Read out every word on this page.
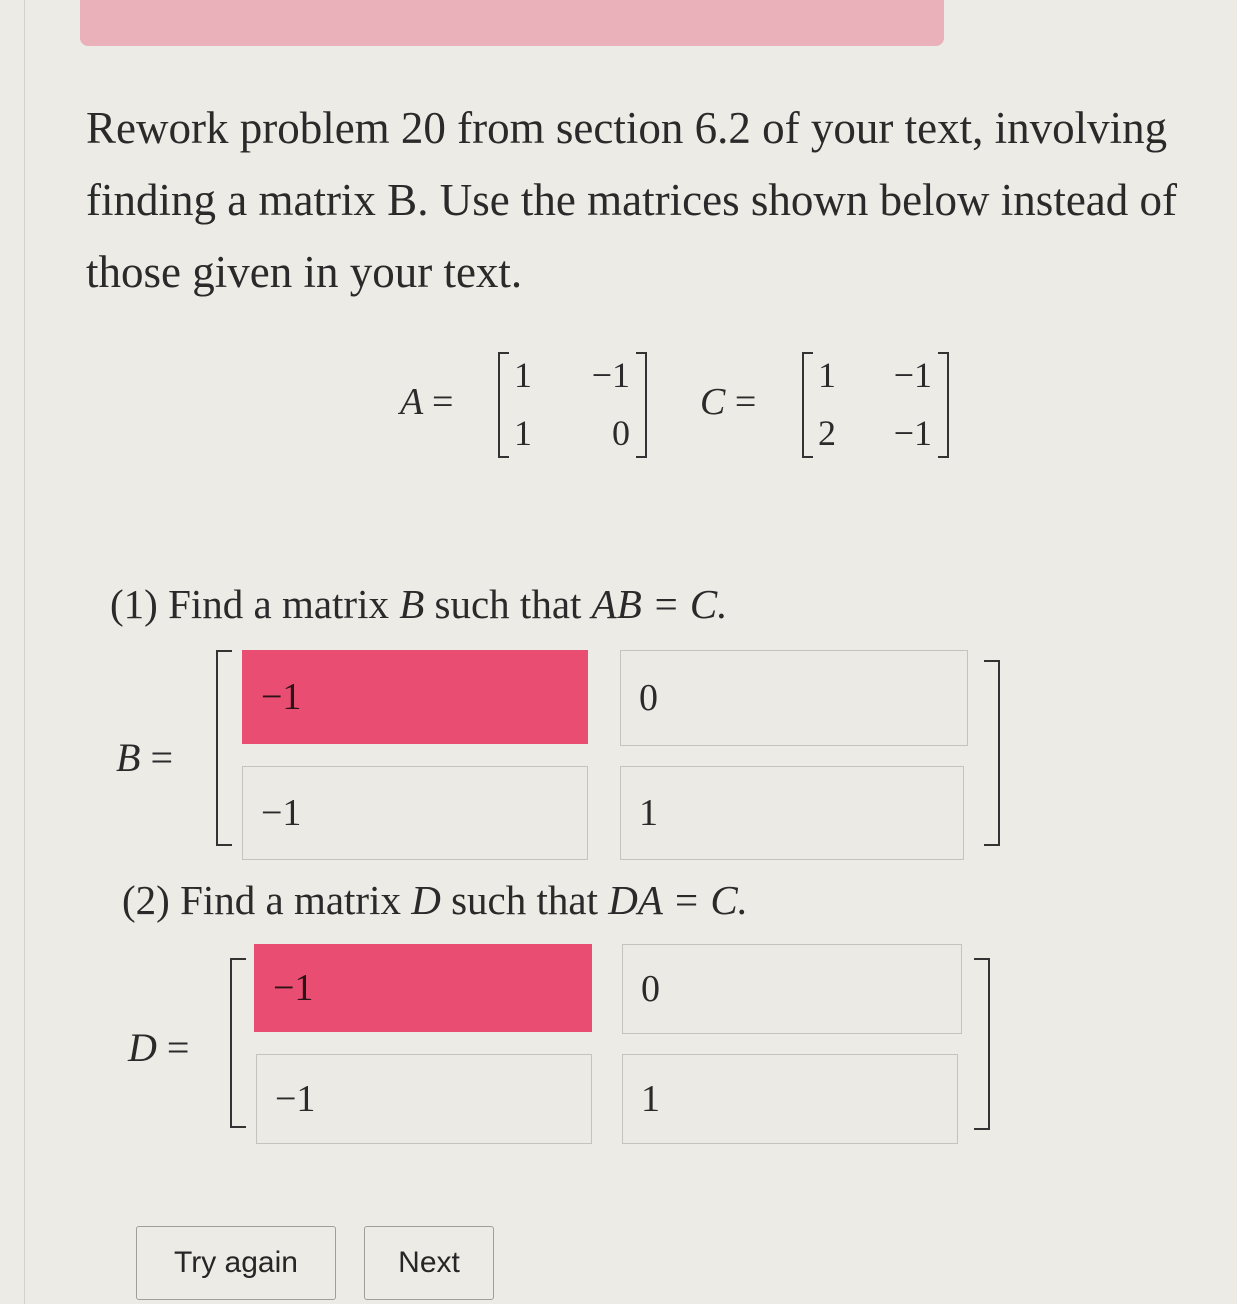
Rework problem 20 from section 6.2 of your text, involving
finding a matrix B. Use the matrices shown below instead of
those given in your text.
A =
1	−1
1	0
C =
1	−1
2	−1
(1) Find a matrix B such that AB = C.
B =
−1	0
−1	1
(2) Find a matrix D such that DA = C.
D =
−1	0
−1	1
Try again	Next
